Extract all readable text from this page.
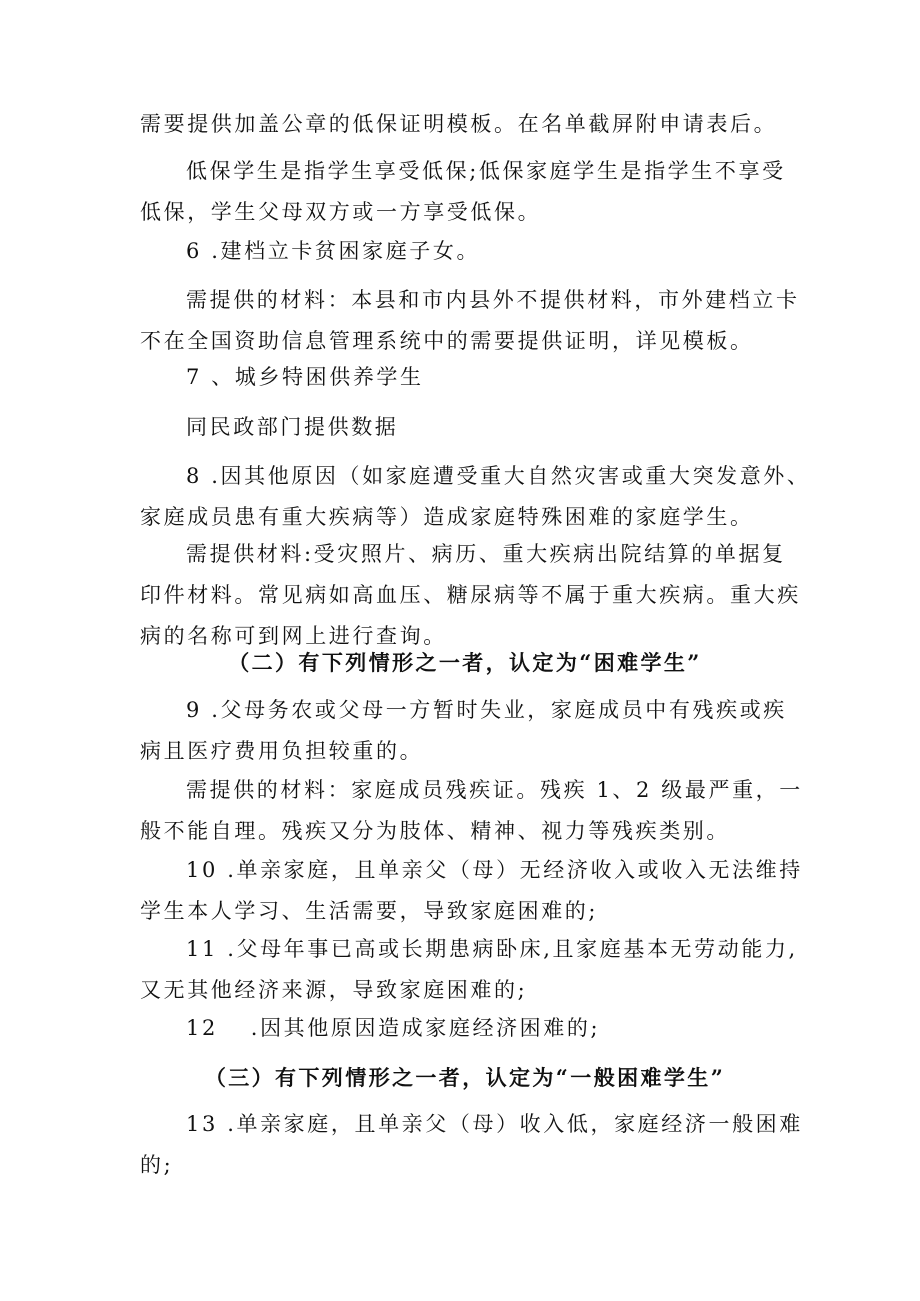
需要提供加盖公章的低保证明模板。在名单截屏附申请表后。

低保学生是指学生享受低保;低保家庭学生是指学生不享受
低保，学生父母双方或一方享受低保。

6 .建档立卡贫困家庭子女。

需提供的材料：本县和市内县外不提供材料，市外建档立卡
不在全国资助信息管理系统中的需要提供证明，详见模板。

7 、城乡特困供养学生

同民政部门提供数据

8 .因其他原因（如家庭遭受重大自然灾害或重大突发意外、
家庭成员患有重大疾病等）造成家庭特殊困难的家庭学生。

需提供材料:受灾照片、病历、重大疾病出院结算的单据复
印件材料。常见病如高血压、糖尿病等不属于重大疾病。重大疾
病的名称可到网上进行查询。

（二）有下列情形之一者，认定为“困难学生”

9 .父母务农或父母一方暂时失业，家庭成员中有残疾或疾
病且医疗费用负担较重的。

需提供的材料：家庭成员残疾证。残疾 1、2 级最严重，一
般不能自理。残疾又分为肢体、精神、视力等残疾类别。

10 .单亲家庭，且单亲父（母）无经济收入或收入无法维持
学生本人学习、生活需要，导致家庭困难的;

11 .父母年事已高或长期患病卧床,且家庭基本无劳动能力,
又无其他经济来源，导致家庭困难的;

12　 .因其他原因造成家庭经济困难的;

（三）有下列情形之一者，认定为“一般困难学生”

13 .单亲家庭，且单亲父（母）收入低，家庭经济一般困难
的;
